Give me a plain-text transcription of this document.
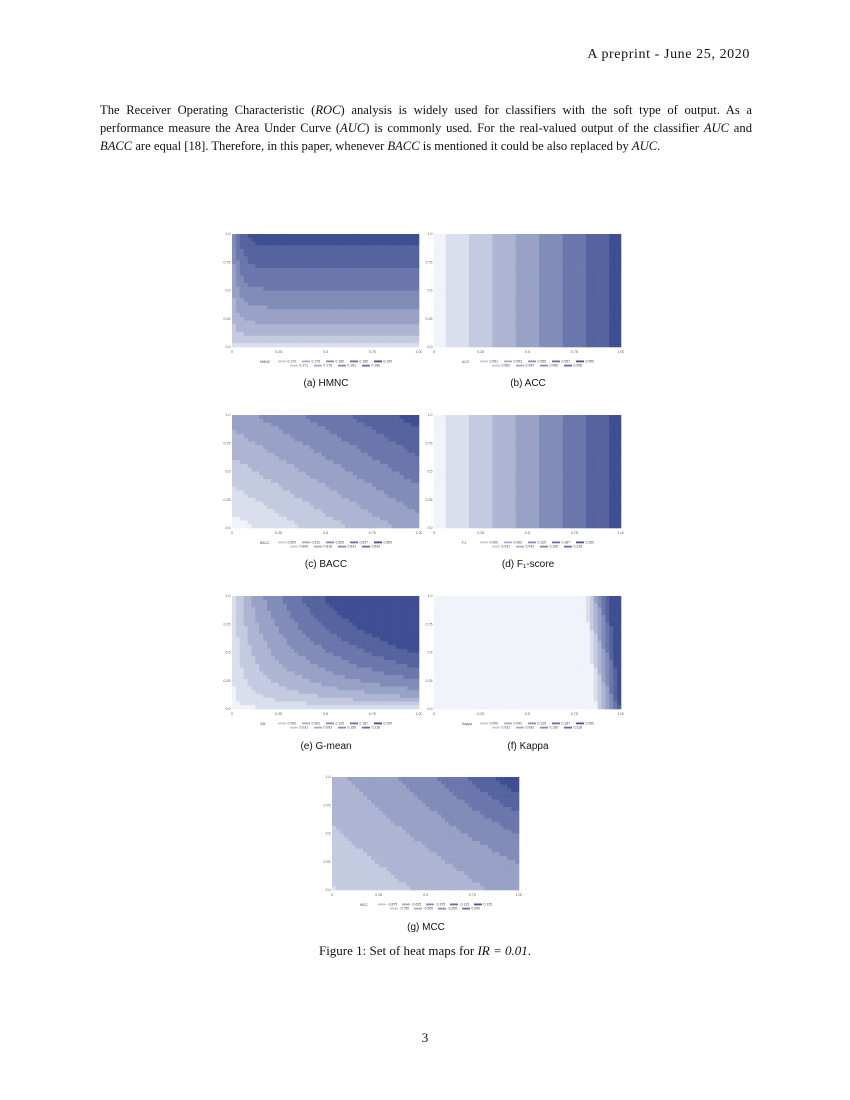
A preprint - June 25, 2020
The Receiver Operating Characteristic (ROC) analysis is widely used for classifiers with the soft type of output. As a performance measure the Area Under Curve (AUC) is commonly used. For the real-valued output of the classifier AUC and BACC are equal [18]. Therefore, in this paper, whenever BACC is mentioned it could be also replaced by AUC.
0	0.25	0.5	0.75	1.00
0.0
0.25
0.5
0.75
1.0
HMNC	0.170	0.175	0.180	0.185	0.190
0.171	0.176	0.181	0.186
(a) HMNC
0	0.25	0.5	0.75	1.00
0.0
0.25
0.5
0.75
1.0
ACC	0.951	0.953	0.955	0.957	0.959
0.952	0.954	0.956	0.958
(b) ACC
0	0.25	0.5	0.75	1.00
0.0
0.25
0.5
0.75
1.0
BACC	0.800	0.812	0.825	0.837	0.850
0.806	0.818	0.831	0.843
(c) BACC
0	0.25	0.5	0.75	1.00
0.0
0.25
0.5
0.75
1.0
F1	0.000	0.062	0.125	0.187	0.250
0.031	0.093	0.156	0.218
(d) F₁-score
0	0.25	0.5	0.75	1.00
0.0
0.25
0.5
0.75
1.0
GM	0.000	0.062	0.125	0.187	0.250
0.031	0.093	0.156	0.218
(e) G-mean
0	0.25	0.5	0.75	1.00
0.0
0.25
0.5
0.75
1.0
Kappa	0.000	0.062	0.125	0.187	0.250
0.031	0.093	0.156	0.218
(f) Kappa
0	0.25	0.5	0.75	1.00
0.0
0.25
0.5
0.75
1.0
MCC	-0.875	-0.625	-0.375	-0.125	0.125
-0.750	-0.500	-0.250	0.000
(g) MCC
Figure 1: Set of heat maps for IR = 0.01.
3
